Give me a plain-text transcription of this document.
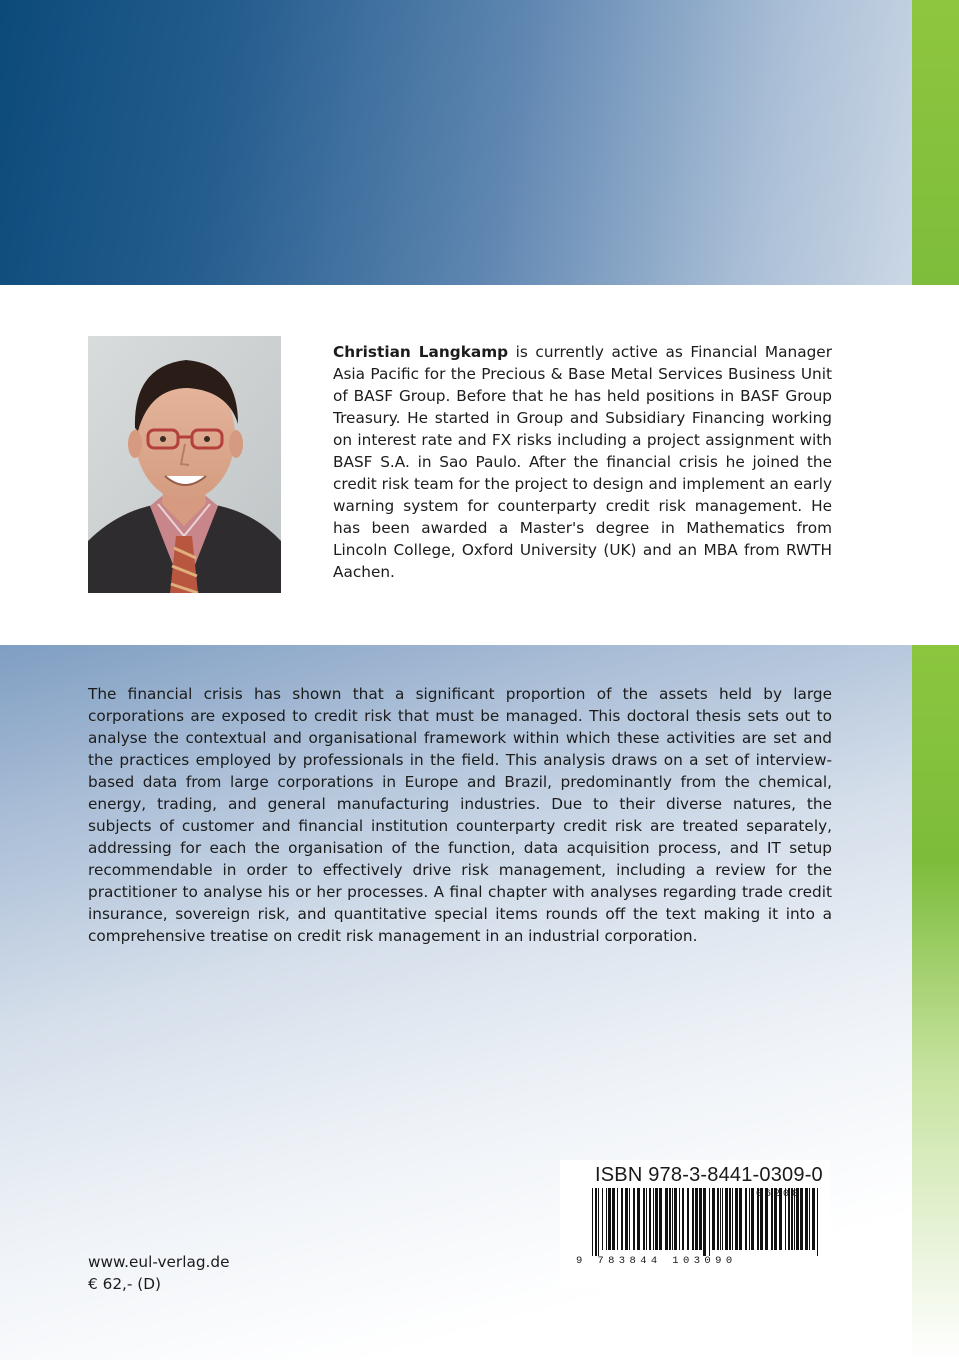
Christian Langkamp is currently active as Financial Manager Asia Pacific for the Precious & Base Metal Services Business Unit of BASF Group. Before that he has held positions in BASF Group Treasury. He started in Group and Subsidiary Financing working on interest rate and FX risks including a project assignment with BASF S.A. in Sao Paulo. After the financial crisis he joined the credit risk team for the project to design and implement an early warning system for counterparty credit risk management. He has been awarded a Master's degree in Mathematics from Lincoln College, Oxford University (UK) and an MBA from RWTH Aachen.
The financial crisis has shown that a significant proportion of the assets held by large corporations are exposed to credit risk that must be managed. This doctoral thesis sets out to analyse the contextual and organisational framework within which these activities are set and the practices employed by professionals in the field. This analysis draws on a set of interview-based data from large corporations in Europe and Brazil, predominantly from the chemical, energy, trading, and general manufacturing industries. Due to their diverse natures, the subjects of customer and financial institution counterparty credit risk are treated separately, addressing for each the organisation of the function, data acquisition process, and IT setup recommendable in order to effectively drive risk management, including a review for the practitioner to analyse his or her processes. A final chapter with analyses regarding trade credit insurance, sovereign risk, and quantitative special items rounds off the text making it into a comprehensive treatise on credit risk management in an industrial corporation.
ISBN 978-3-8441-0309-0
06200
9 783844 103090
www.eul-verlag.de
€ 62,- (D)
